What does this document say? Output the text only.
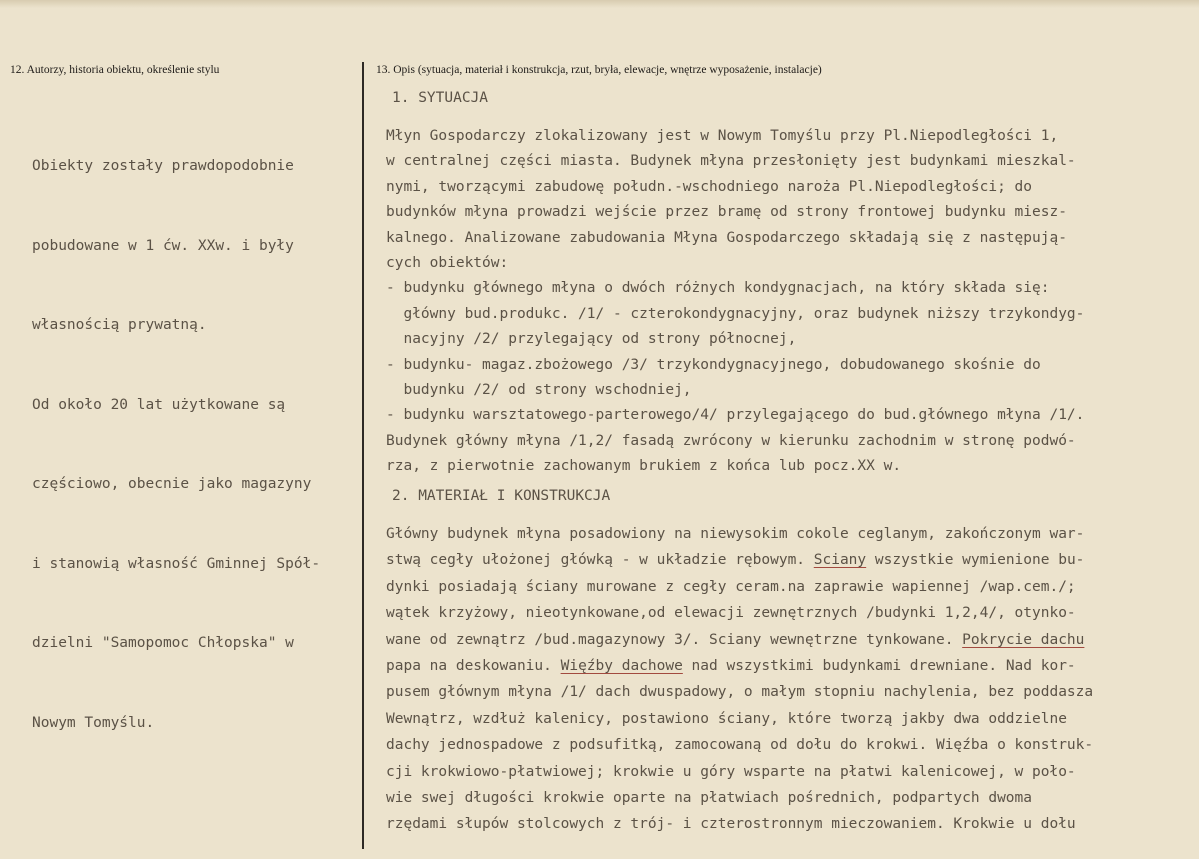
12. Autorzy, historia obiektu, określenie stylu

Obiekty zostały prawdopodobnie

pobudowane w 1 ćw. XXw. i były

własnością prywatną.

Od około 20 lat użytkowane są

częściowo, obecnie jako magazyny

i stanowią własność Gminnej Spół-

dzielni "Samopomoc Chłopska" w

Nowym Tomyślu.

13. Opis (sytuacja, materiał i konstrukcja, rzut, bryła, elewacje, wnętrze wyposażenie, instalacje)
1. SYTUACJA
Młyn Gospodarczy zlokalizowany jest w Nowym Tomyślu przy Pl.Niepodległości 1,
w centralnej części miasta. Budynek młyna przesłonięty jest budynkami mieszkal-
nymi, tworzącymi zabudowę połudn.-wschodniego naroża Pl.Niepodległości; do
budynków młyna prowadzi wejście przez bramę od strony frontowej budynku miesz-
kalnego. Analizowane zabudowania Młyna Gospodarczego składają się z następują-
cych obiektów:
- budynku głównego młyna o dwóch różnych kondygnacjach, na który składa się:
główny bud.produkc. /1/ - czterokondygnacyjny, oraz budynek niższy trzykondyg-
nacyjny /2/ przylegający od strony północnej,
- budynku- magaz.zbożowego /3/ trzykondygnacyjnego, dobudowanego skośnie do
budynku /2/ od strony wschodniej,
- budynku warsztatowego-parterowego/4/ przylegającego do bud.głównego młyna /1/.
Budynek główny młyna /1,2/ fasadą zwrócony w kierunku zachodnim w stronę podwó-
rza, z pierwotnie zachowanym brukiem z końca lub pocz.XX w.
2. MATERIAŁ I KONSTRUKCJA
Główny budynek młyna posadowiony na niewysokim cokole ceglanym, zakończonym war-
stwą cegły ułożonej główką - w układzie rębowym. Sciany wszystkie wymienione bu-
dynki posiadają ściany murowane z cegły ceram.na zaprawie wapiennej /wap.cem./;
wątek krzyżowy, nieotynkowane,od elewacji zewnętrznych /budynki 1,2,4/, otynko-
wane od zewnątrz /bud.magazynowy 3/. Sciany wewnętrzne tynkowane. Pokrycie dachu
papa na deskowaniu. Więźby dachowe nad wszystkimi budynkami drewniane. Nad kor-
pusem głównym młyna /1/ dach dwuspadowy, o małym stopniu nachylenia, bez poddasza
Wewnątrz, wzdłuż kalenicy, postawiono ściany, które tworzą jakby dwa oddzielne
dachy jednospadowe z podsufitką, zamocowaną od dołu do krokwi. Więźba o konstruk-
cji krokwiowo-płatwiowej; krokwie u góry wsparte na płatwi kalenicowej, w poło-
wie swej długości krokwie oparte na płatwiach pośrednich, podpartych dwoma
rzędami słupów stolcowych z trój- i czterostronnym mieczowaniem. Krokwie u dołu
